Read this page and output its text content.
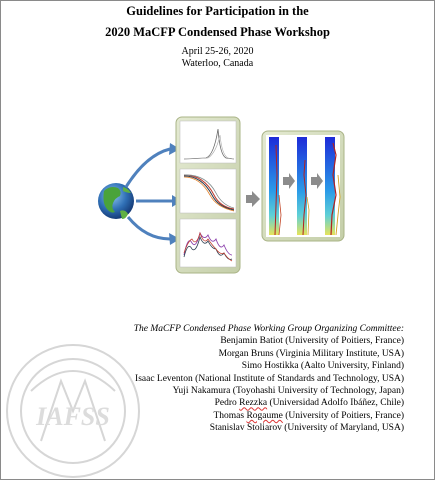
Guidelines for Participation in the
2020 MaCFP Condensed Phase Workshop
April 25-26, 2020
Waterloo, Canada
IAFSS
The MaCFP Condensed Phase Working Group Organizing Committee:
Benjamin Batiot (University of Poitiers, France)
Morgan Bruns (Virginia Military Institute, USA)
Simo Hostikka (Aalto University, Finland)
Isaac Leventon (National Institute of Standards and Technology, USA)
Yuji Nakamura (Toyohashi University of Technology, Japan)
Pedro Rezzka (Universidad Adolfo Ibáñez, Chile)
Thomas Rogaume (University of Poitiers, France)
Stanislav Stoliarov (University of Maryland, USA)
